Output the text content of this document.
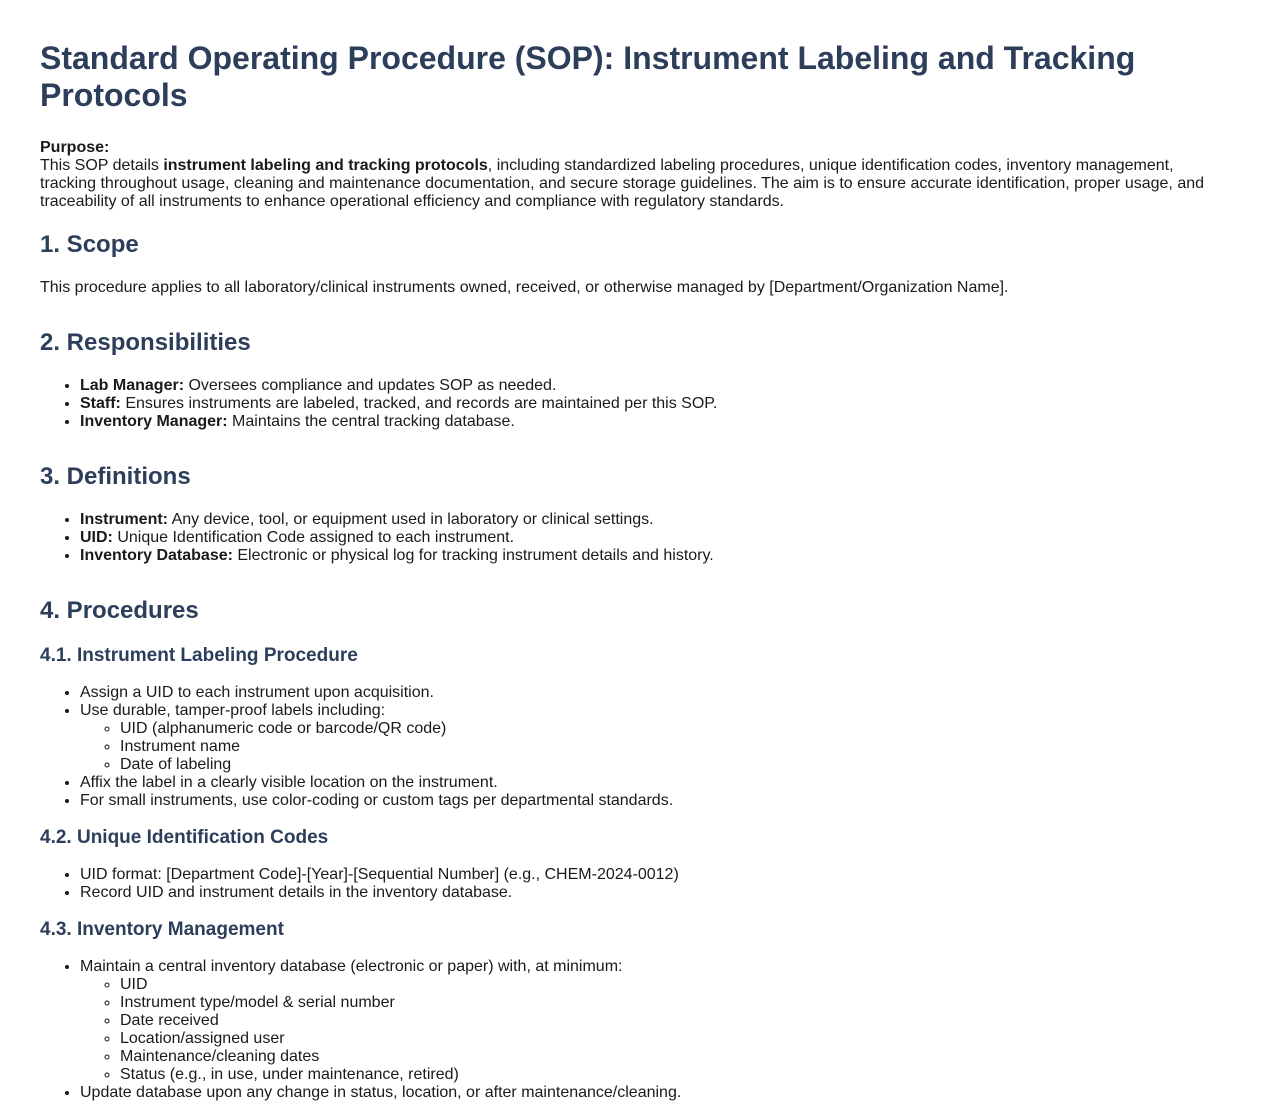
Standard Operating Procedure (SOP): Instrument Labeling and Tracking Protocols

Purpose:

This SOP details instrument labeling and tracking protocols, including standardized labeling procedures, unique identification codes, inventory management, tracking throughout usage, cleaning and maintenance documentation, and secure storage guidelines. The aim is to ensure accurate identification, proper usage, and traceability of all instruments to enhance operational efficiency and compliance with regulatory standards.

1. Scope

This procedure applies to all laboratory/clinical instruments owned, received, or otherwise managed by [Department/Organization Name].

2. Responsibilities
• Lab Manager: Oversees compliance and updates SOP as needed.
• Staff: Ensures instruments are labeled, tracked, and records are maintained per this SOP.
• Inventory Manager: Maintains the central tracking database.
3. Definitions
• Instrument: Any device, tool, or equipment used in laboratory or clinical settings.
• UID: Unique Identification Code assigned to each instrument.
• Inventory Database: Electronic or physical log for tracking instrument details and history.
4. Procedures
4.1. Instrument Labeling Procedure
• Assign a UID to each instrument upon acquisition.
• Use durable, tamper-proof labels including:
◦ UID (alphanumeric code or barcode/QR code)
◦ Instrument name
◦ Date of labeling
• Affix the label in a clearly visible location on the instrument.
• For small instruments, use color-coding or custom tags per departmental standards.
4.2. Unique Identification Codes
• UID format: [Department Code]-[Year]-[Sequential Number] (e.g., CHEM-2024-0012)
• Record UID and instrument details in the inventory database.
4.3. Inventory Management
• Maintain a central inventory database (electronic or paper) with, at minimum:
◦ UID
◦ Instrument type/model & serial number
◦ Date received
◦ Location/assigned user
◦ Maintenance/cleaning dates
◦ Status (e.g., in use, under maintenance, retired)
• Update database upon any change in status, location, or after maintenance/cleaning.
